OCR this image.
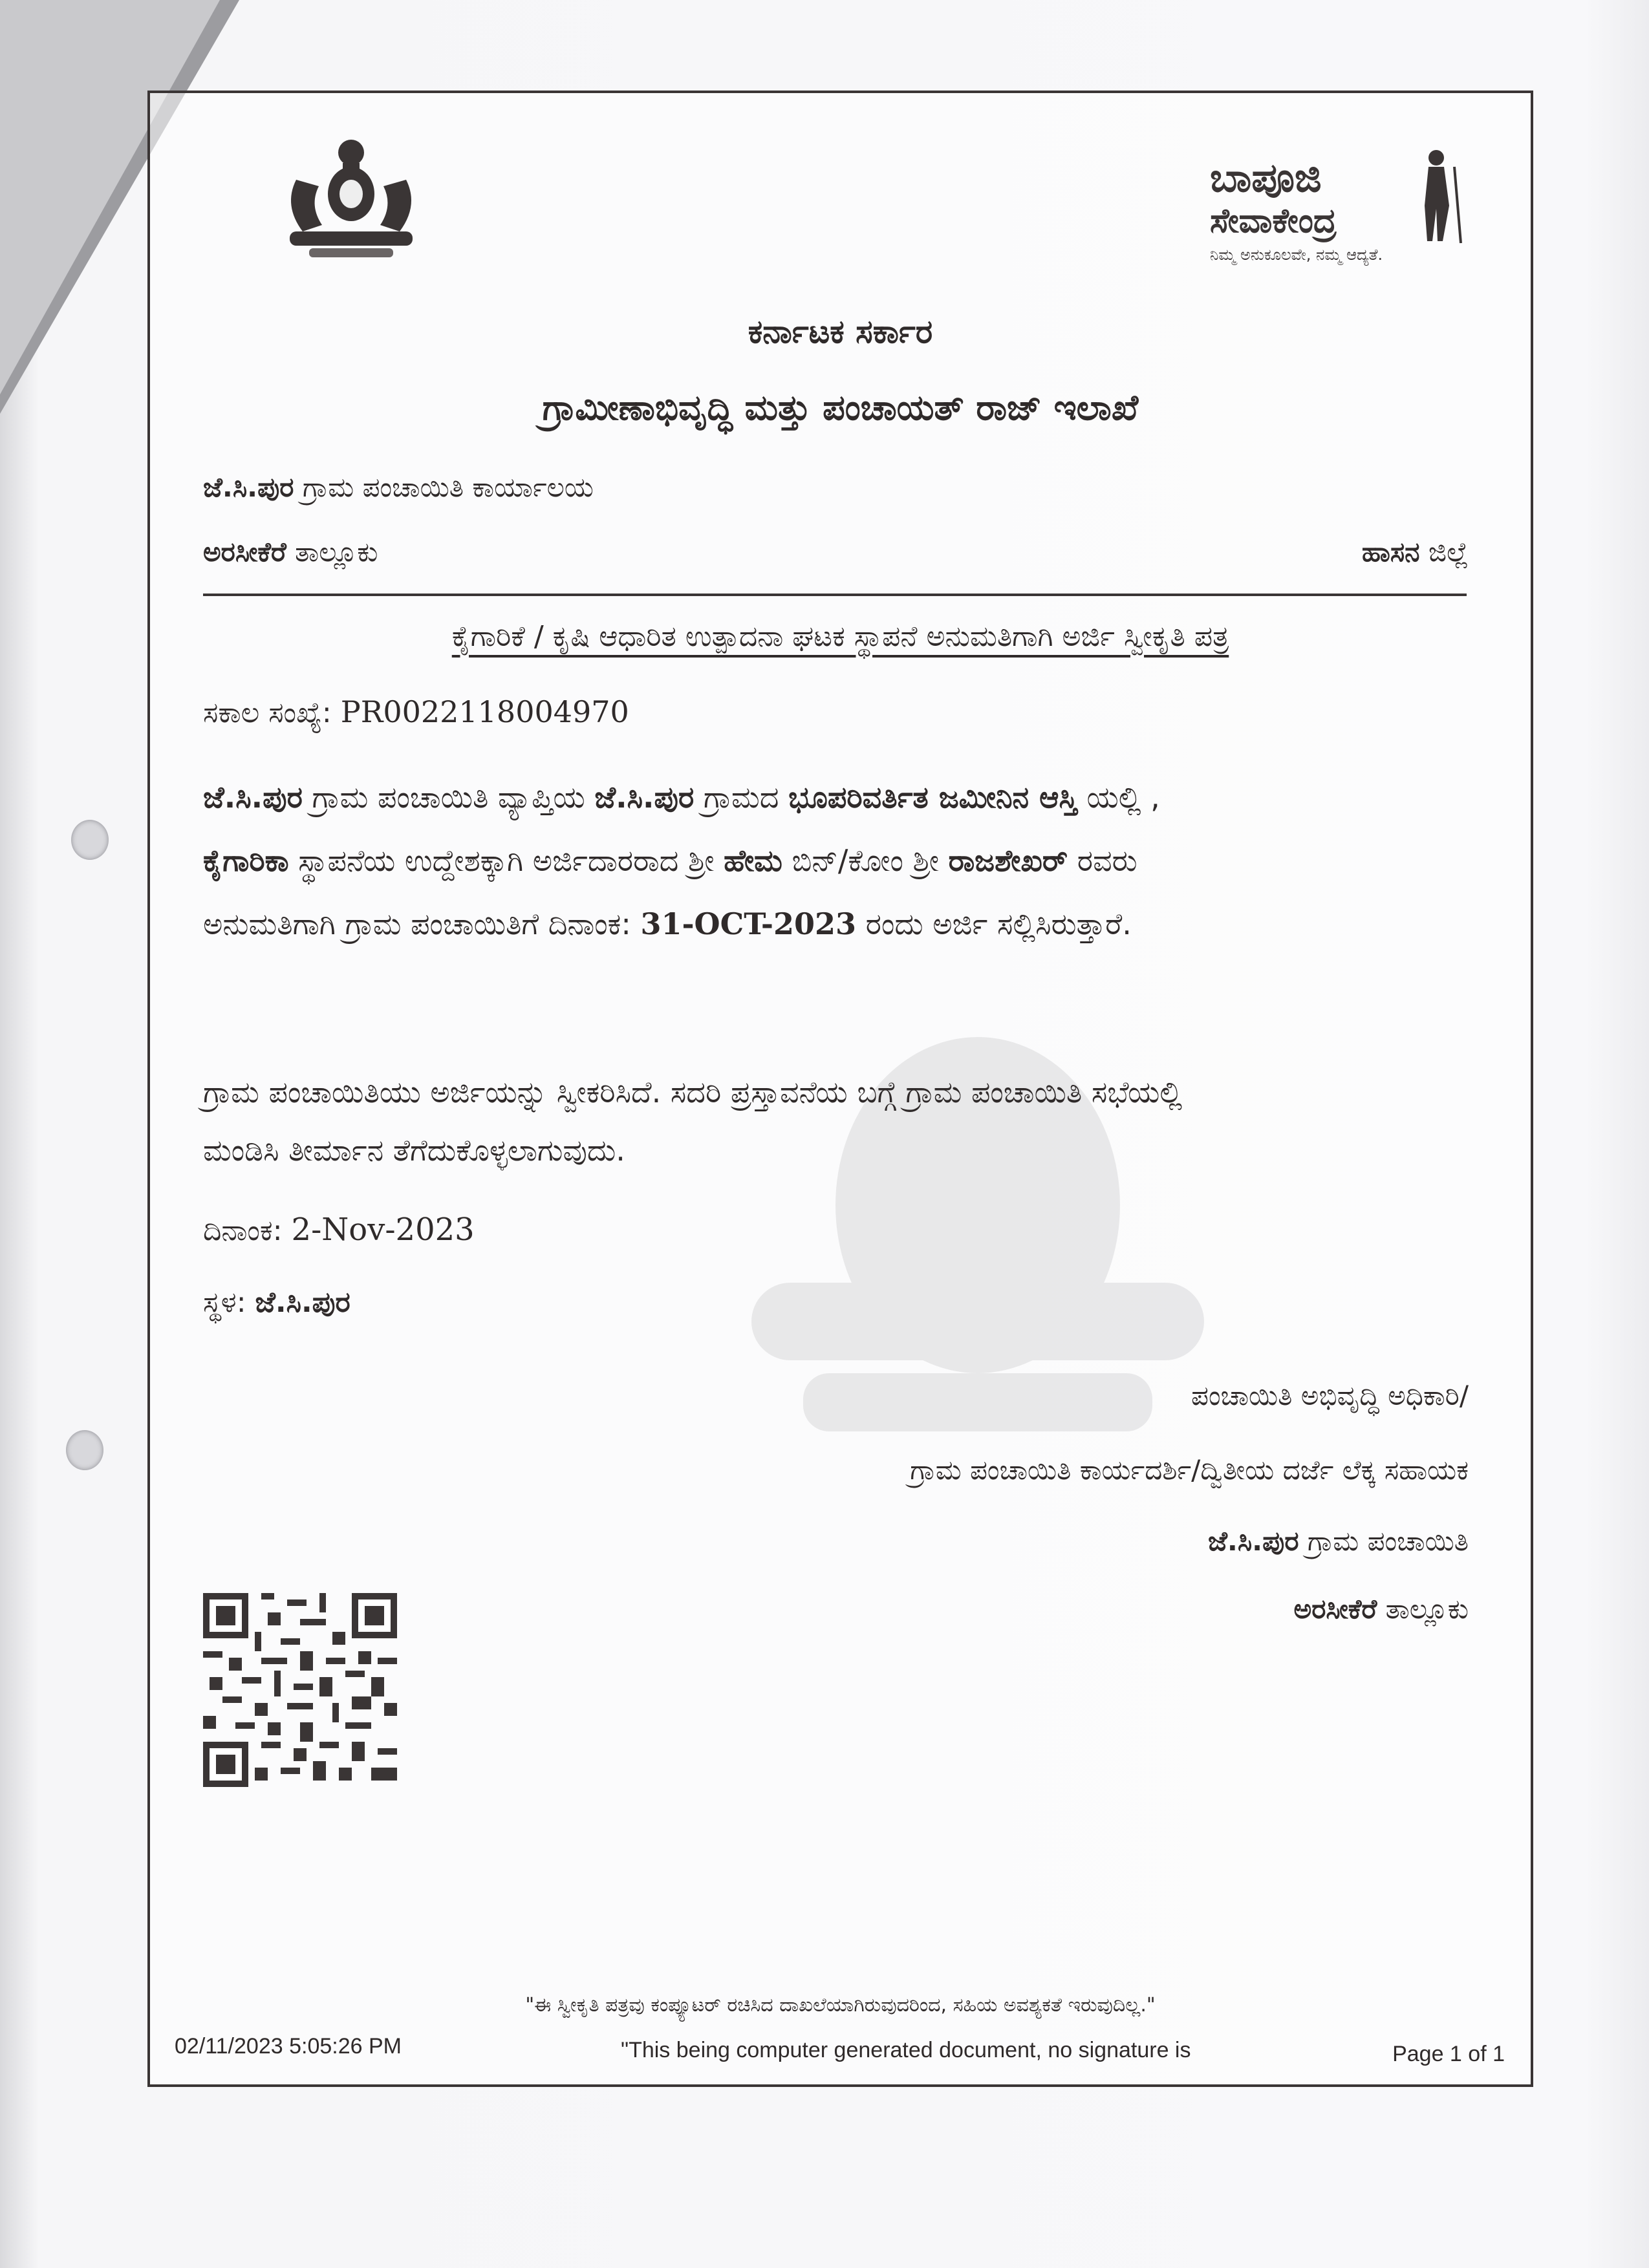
ಬಾಪೂಜಿ
ಸೇವಾಕೇಂದ್ರ
ನಿಮ್ಮ ಅನುಕೂಲವೇ, ನಮ್ಮ ಆದ್ಯತೆ.
ಕರ್ನಾಟಕ ಸರ್ಕಾರ
ಗ್ರಾಮೀಣಾಭಿವೃದ್ಧಿ ಮತ್ತು ಪಂಚಾಯತ್ ರಾಜ್ ಇಲಾಖೆ
ಜೆ.ಸಿ.ಪುರ ಗ್ರಾಮ ಪಂಚಾಯಿತಿ ಕಾರ್ಯಾಲಯ
ಅರಸೀಕೆರೆ ತಾಲ್ಲೂಕು	ಹಾಸನ ಜಿಲ್ಲೆ
ಕೈಗಾರಿಕೆ / ಕೃಷಿ ಆಧಾರಿತ ಉತ್ಪಾದನಾ ಘಟಕ ಸ್ಥಾಪನೆ ಅನುಮತಿಗಾಗಿ ಅರ್ಜಿ ಸ್ವೀಕೃತಿ ಪತ್ರ
ಸಕಾಲ ಸಂಖ್ಯೆ: PR0022118004970
ಜೆ.ಸಿ.ಪುರ ಗ್ರಾಮ ಪಂಚಾಯಿತಿ ವ್ಯಾಪ್ತಿಯ ಜೆ.ಸಿ.ಪುರ ಗ್ರಾಮದ ಭೂಪರಿವರ್ತಿತ ಜಮೀನಿನ ಆಸ್ತಿ ಯಲ್ಲಿ ,
ಕೈಗಾರಿಕಾ ಸ್ಥಾಪನೆಯ ಉದ್ದೇಶಕ್ಕಾಗಿ ಅರ್ಜಿದಾರರಾದ ಶ್ರೀ ಹೇಮ ಬಿನ್/ಕೋಂ ಶ್ರೀ ರಾಜಶೇಖರ್ ರವರು
ಅನುಮತಿಗಾಗಿ ಗ್ರಾಮ ಪಂಚಾಯಿತಿಗೆ ದಿನಾಂಕ: 31-OCT-2023 ರಂದು ಅರ್ಜಿ ಸಲ್ಲಿಸಿರುತ್ತಾರೆ.
ಗ್ರಾಮ ಪಂಚಾಯಿತಿಯು ಅರ್ಜಿಯನ್ನು ಸ್ವೀಕರಿಸಿದೆ. ಸದರಿ ಪ್ರಸ್ತಾವನೆಯ ಬಗ್ಗೆ ಗ್ರಾಮ ಪಂಚಾಯಿತಿ ಸಭೆಯಲ್ಲಿ
ಮಂಡಿಸಿ ತೀರ್ಮಾನ ತೆಗೆದುಕೊಳ್ಳಲಾಗುವುದು.
ದಿನಾಂಕ: 2-Nov-2023
ಸ್ಥಳ: ಜೆ.ಸಿ.ಪುರ
ಪಂಚಾಯಿತಿ ಅಭಿವೃದ್ಧಿ ಅಧಿಕಾರಿ/
ಗ್ರಾಮ ಪಂಚಾಯಿತಿ ಕಾರ್ಯದರ್ಶಿ/ದ್ವಿತೀಯ ದರ್ಜೆ ಲೆಕ್ಕ ಸಹಾಯಕ
ಜೆ.ಸಿ.ಪುರ ಗ್ರಾಮ ಪಂಚಾಯಿತಿ
ಅರಸೀಕೆರೆ ತಾಲ್ಲೂಕು
"ಈ ಸ್ವೀಕೃತಿ ಪತ್ರವು ಕಂಪ್ಯೂಟರ್ ರಚಿಸಿದ ದಾಖಲೆಯಾಗಿರುವುದರಿಂದ, ಸಹಿಯ ಅವಶ್ಯಕತೆ ಇರುವುದಿಲ್ಲ."
02/11/2023 5:05:26 PM	"This being computer generated document, no signature is	Page 1 of 1
